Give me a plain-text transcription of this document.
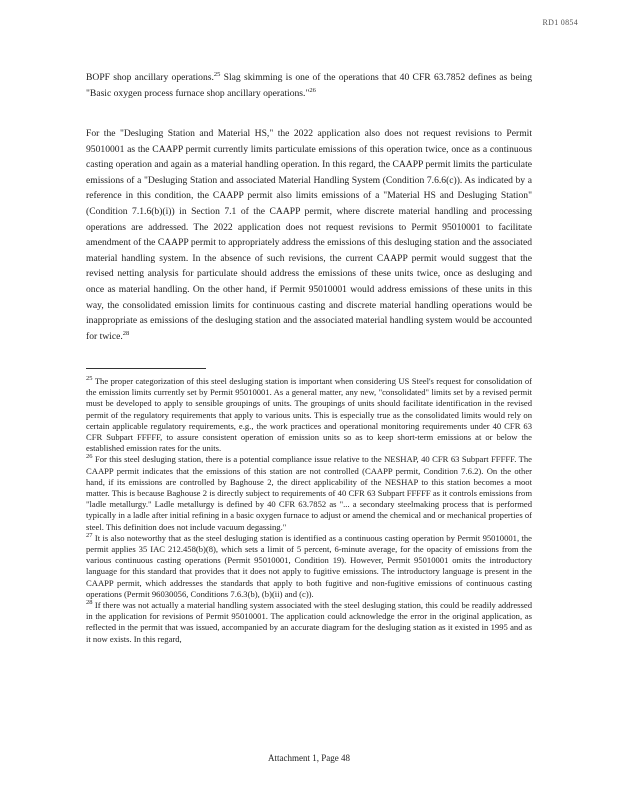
RD1 0854

BOPF shop ancillary operations.$^{25}$ Slag skimming is one of the operations that 40 CFR 63.7852 defines as being "Basic oxygen process furnace shop ancillary operations."$^{26}$

For the "Desluging Station and Material HS," the 2022 application also does not request revisions to Permit 95010001 as the CAAPP permit currently limits particulate emissions of this operation twice, once as a continuous casting operation and again as a material handling operation. In this regard, the CAAPP permit limits the particulate emissions of a "Desluging Station and associated Material Handling System (Condition 7.6.6(c)). As indicated by a reference in this condition, the CAAPP permit also limits emissions of a "Material HS and Desluging Station" (Condition 7.1.6(b)(i)) in Section 7.1 of the CAAPP permit, where discrete material handling and processing operations are addressed. The 2022 application does not request revisions to Permit 95010001 to facilitate amendment of the CAAPP permit to appropriately address the emissions of this desluging station and the associated material handling system. In the absence of such revisions, the current CAAPP permit would suggest that the revised netting analysis for particulate should address the emissions of these units twice, once as desluging and once as material handling. On the other hand, if Permit 95010001 would address emissions of these units in this way, the consolidated emission limits for continuous casting and discrete material handling operations would be inappropriate as emissions of the desluging station and the associated material handling system would be accounted for twice.$^{28}$

$^{25}$ The proper categorization of this steel desluging station is important when considering US Steel's request for consolidation of the emission limits currently set by Permit 95010001. As a general matter, any new, "consolidated" limits set by a revised permit must be developed to apply to sensible groupings of units. The groupings of units should facilitate identification in the revised permit of the regulatory requirements that apply to various units. This is especially true as the consolidated limits would rely on certain applicable regulatory requirements, e.g., the work practices and operational monitoring requirements under 40 CFR 63 CFR Subpart FFFFF, to assure consistent operation of emission units so as to keep short-term emissions at or below the established emission rates for the units.

$^{26}$ For this steel desluging station, there is a potential compliance issue relative to the NESHAP, 40 CFR 63 Subpart FFFFF. The CAAPP permit indicates that the emissions of this station are not controlled (CAAPP permit, Condition 7.6.2). On the other hand, if its emissions are controlled by Baghouse 2, the direct applicability of the NESHAP to this station becomes a moot matter. This is because Baghouse 2 is directly subject to requirements of 40 CFR 63 Subpart FFFFF as it controls emissions from "ladle metallurgy." Ladle metallurgy is defined by 40 CFR 63.7852 as "... a secondary steelmaking process that is performed typically in a ladle after initial refining in a basic oxygen furnace to adjust or amend the chemical and or mechanical properties of steel. This definition does not include vacuum degassing."

$^{27}$ It is also noteworthy that as the steel desluging station is identified as a continuous casting operation by Permit 95010001, the permit applies 35 IAC 212.458(b)(8), which sets a limit of 5 percent, 6-minute average, for the opacity of emissions from the various continuous casting operations (Permit 95010001, Condition 19). However, Permit 95010001 omits the introductory language for this standard that provides that it does not apply to fugitive emissions. The introductory language is present in the CAAPP permit, which addresses the standards that apply to both fugitive and non-fugitive emissions of continuous casting operations (Permit 96030056, Conditions 7.6.3(b), (b)(ii) and (c)).

$^{28}$ If there was not actually a material handling system associated with the steel desluging station, this could be readily addressed in the application for revisions of Permit 95010001. The application could acknowledge the error in the original application, as reflected in the permit that was issued, accompanied by an accurate diagram for the desluging station as it existed in 1995 and as it now exists. In this regard,

Attachment 1, Page 48
